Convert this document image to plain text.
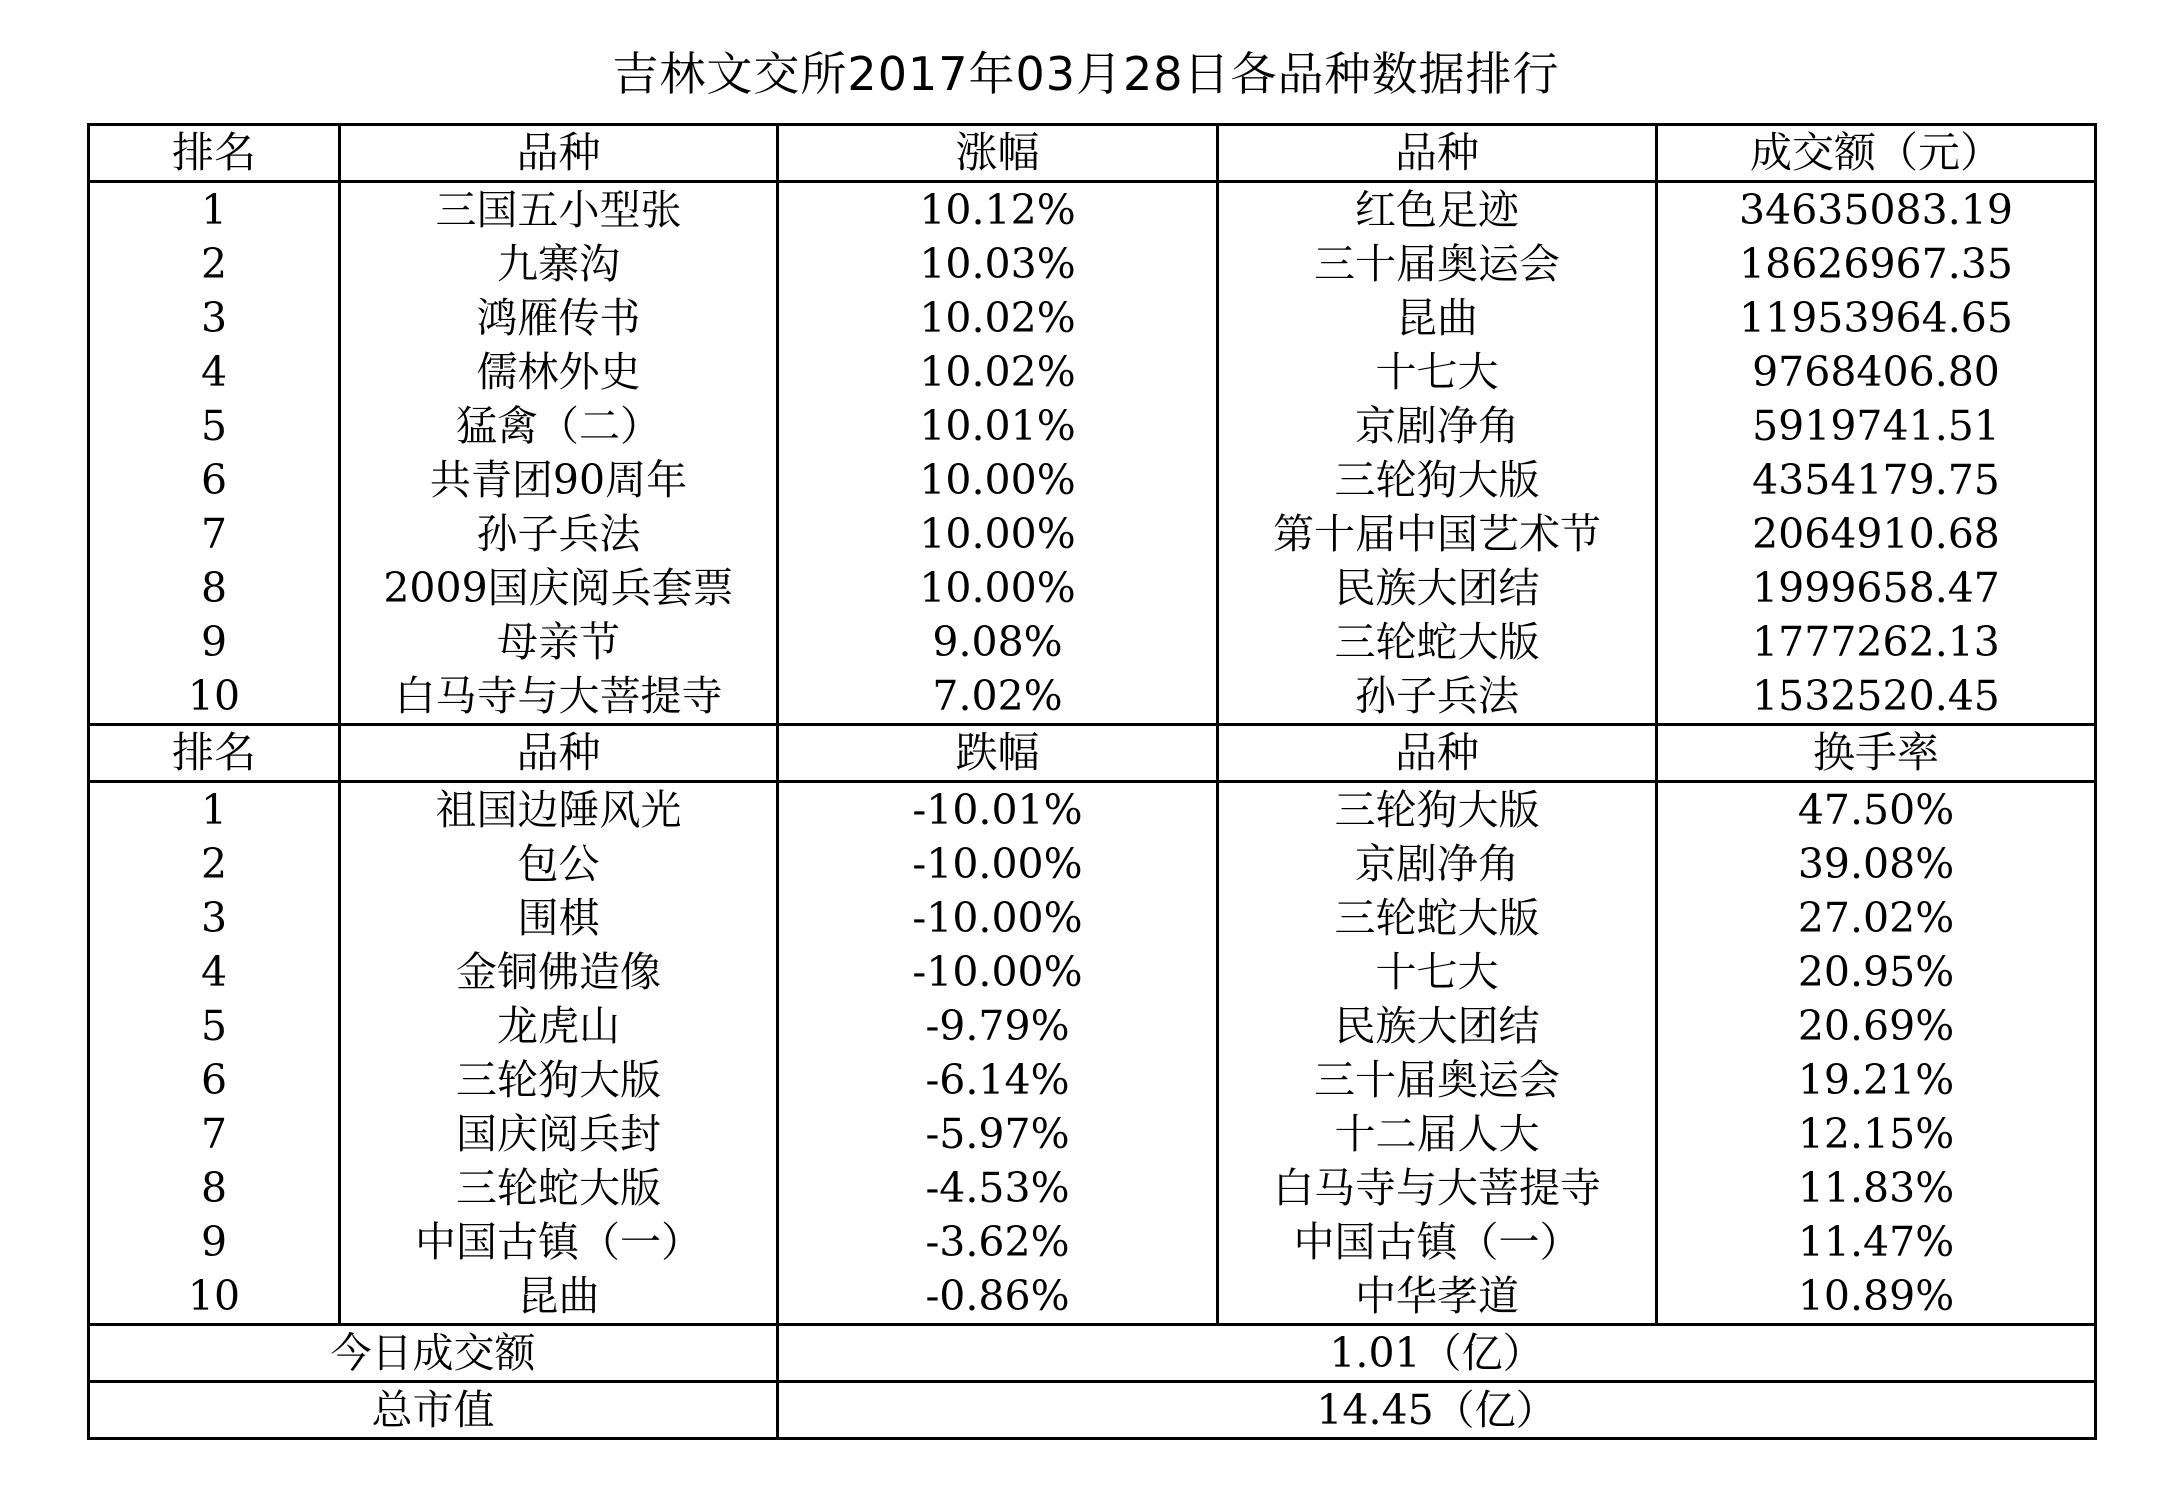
吉林文交所2017年03月28日各品种数据排行
排名	品种	涨幅	品种	成交额（元）
1	三国五小型张	10.12%	红色足迹	34635083.19
2	九寨沟	10.03%	三十届奥运会	18626967.35
3	鸿雁传书	10.02%	昆曲	11953964.65
4	儒林外史	10.02%	十七大	9768406.80
5	猛禽（二）	10.01%	京剧净角	5919741.51
6	共青团90周年	10.00%	三轮狗大版	4354179.75
7	孙子兵法	10.00%	第十届中国艺术节	2064910.68
8	2009国庆阅兵套票	10.00%	民族大团结	1999658.47
9	母亲节	9.08%	三轮蛇大版	1777262.13
10	白马寺与大菩提寺	7.02%	孙子兵法	1532520.45
排名	品种	跌幅	品种	换手率
1	祖国边陲风光	-10.01%	三轮狗大版	47.50%
2	包公	-10.00%	京剧净角	39.08%
3	围棋	-10.00%	三轮蛇大版	27.02%
4	金铜佛造像	-10.00%	十七大	20.95%
5	龙虎山	-9.79%	民族大团结	20.69%
6	三轮狗大版	-6.14%	三十届奥运会	19.21%
7	国庆阅兵封	-5.97%	十二届人大	12.15%
8	三轮蛇大版	-4.53%	白马寺与大菩提寺	11.83%
9	中国古镇（一）	-3.62%	中国古镇（一）	11.47%
10	昆曲	-0.86%	中华孝道	10.89%
今日成交额		1.01（亿）		
总市值		14.45（亿）		
